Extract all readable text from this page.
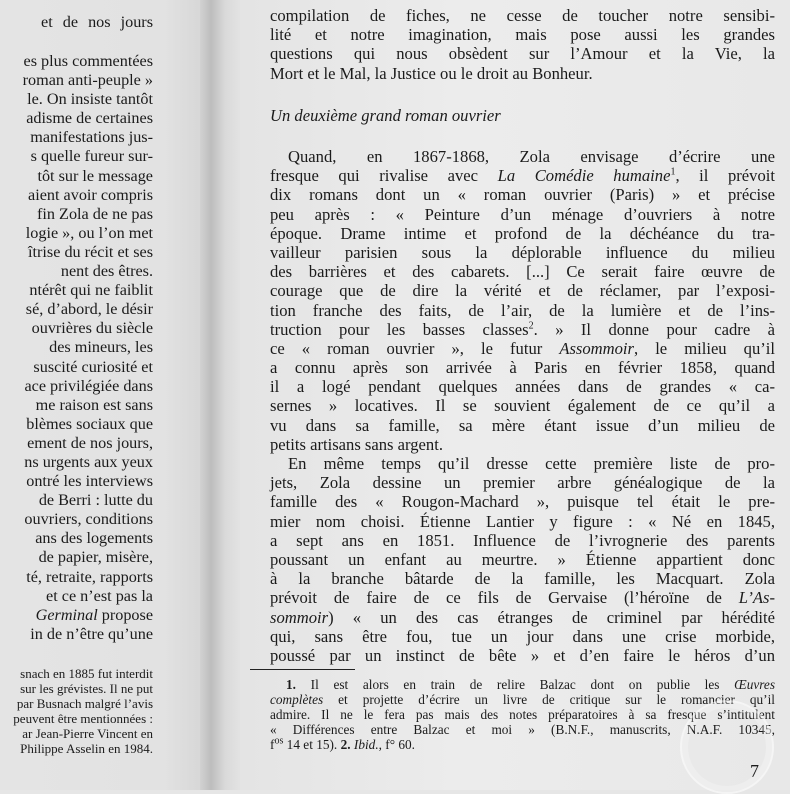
et de nos jours
es plus commentées
roman anti-peuple »
le. On insiste tantôt
adisme de certaines
manifestations jus-
s quelle fureur sur-
tôt sur le message
aient avoir compris
fin Zola de ne pas
logie », ou l’on met
îtrise du récit et ses
nent des êtres.
ntérêt qui ne faiblit
sé, d’abord, le désir
ouvrières du siècle
des mineurs, les
suscité curiosité et
ace privilégiée dans
me raison est sans
blèmes sociaux que
ement de nos jours,
ns urgents aux yeux
ontré les interviews
de Berri : lutte du
ouvriers, conditions
ans des logements
de papier, misère,
té, retraite, rapports
et ce n’est pas la
Germinal propose
in de n’être qu’une
snach en 1885 fut interdit
sur les grévistes. Il ne put
par Busnach malgré l’avis
peuvent être mentionnées :
ar Jean-Pierre Vincent en
Philippe Asselin en 1984.
compilation de fiches, ne cesse de toucher notre sensibi-
lité et notre imagination, mais pose aussi les grandes
questions qui nous obsèdent sur l’Amour et la Vie, la
Mort et le Mal, la Justice ou le droit au Bonheur.
Un deuxième grand roman ouvrier
Quand, en 1867-1868, Zola envisage d’écrire une
fresque qui rivalise avec La Comédie humaine$^1$, il prévoit
dix romans dont un « roman ouvrier (Paris) » et précise
peu après : « Peinture d’un ménage d’ouvriers à notre
époque. Drame intime et profond de la déchéance du tra-
vailleur parisien sous la déplorable influence du milieu
des barrières et des cabarets. [...] Ce serait faire œuvre de
courage que de dire la vérité et de réclamer, par l’exposi-
tion franche des faits, de l’air, de la lumière et de l’ins-
truction pour les basses classes$^2$. » Il donne pour cadre à
ce « roman ouvrier », le futur Assommoir, le milieu qu’il
a connu après son arrivée à Paris en février 1858, quand
il a logé pendant quelques années dans de grandes « ca-
sernes » locatives. Il se souvient également de ce qu’il a
vu dans sa famille, sa mère étant issue d’un milieu de
petits artisans sans argent.
En même temps qu’il dresse cette première liste de pro-
jets, Zola dessine un premier arbre généalogique de la
famille des « Rougon-Machard », puisque tel était le pre-
mier nom choisi. Étienne Lantier y figure : « Né en 1845,
a sept ans en 1851. Influence de l’ivrognerie des parents
poussant un enfant au meurtre. » Étienne appartient donc
à la branche bâtarde de la famille, les Macquart. Zola
prévoit de faire de ce fils de Gervaise (l’héroïne de L’As-
sommoir) « un des cas étranges de criminel par hérédité
qui, sans être fou, tue un jour dans une crise morbide,
poussé par un instinct de bête » et d’en faire le héros d’un
1. Il est alors en train de relire Balzac dont on publie les Œuvres
complètes et projette d’écrire un livre de critique sur le romancier qu’il
admire. Il ne le fera pas mais des notes préparatoires à sa fresque s’intitulent
« Différences entre Balzac et moi » (B.N.F., manuscrits, N.A.F. 10345,
$f^{os}$ 14 et 15). 2. Ibid., f° 60.
7
